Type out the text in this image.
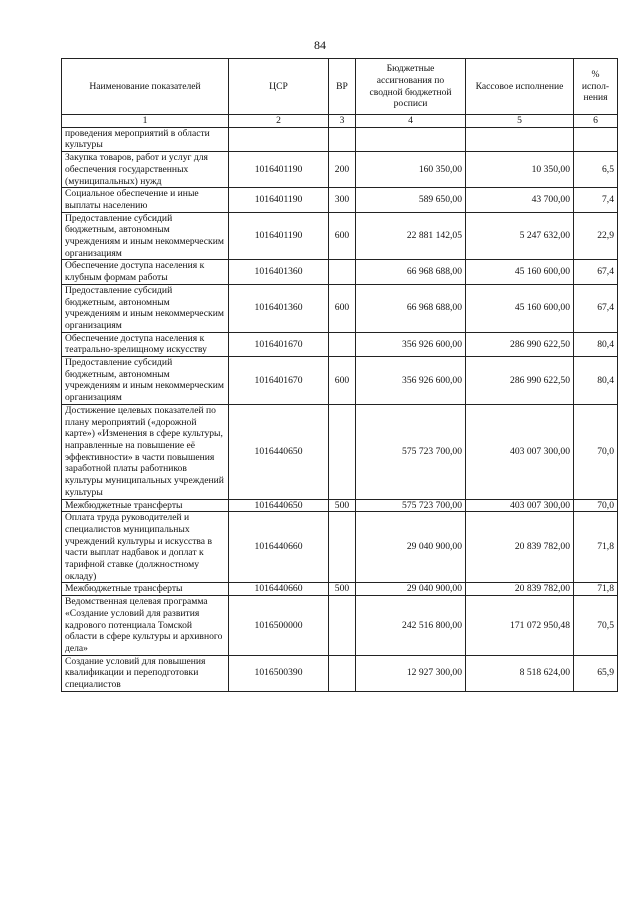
84
Наименование показателей	ЦСР	ВР	Бюджетные ассигнования по сводной бюджетной росписи	Кассовое исполнение	% испол-нения
1	2	3	4	5	6
проведения мероприятий в области культуры					
Закупка товаров, работ и услуг для обеспечения государственных (муниципальных) нужд	1016401190	200	160 350,00	10 350,00	6,5
Социальное обеспечение и иные выплаты населению	1016401190	300	589 650,00	43 700,00	7,4
Предоставление субсидий бюджетным, автономным учреждениям и иным некоммерческим организациям	1016401190	600	22 881 142,05	5 247 632,00	22,9
Обеспечение доступа населения к клубным формам работы	1016401360		66 968 688,00	45 160 600,00	67,4
Предоставление субсидий бюджетным, автономным учреждениям и иным некоммерческим организациям	1016401360	600	66 968 688,00	45 160 600,00	67,4
Обеспечение доступа населения к театрально-зрелищному искусству	1016401670		356 926 600,00	286 990 622,50	80,4
Предоставление субсидий бюджетным, автономным учреждениям и иным некоммерческим организациям	1016401670	600	356 926 600,00	286 990 622,50	80,4
Достижение целевых показателей по плану мероприятий («дорожной карте») «Изменения в сфере культуры, направленные на повышение её эффективности» в части повышения заработной платы работников культуры муниципальных учреждений культуры	1016440650		575 723 700,00	403 007 300,00	70,0
Межбюджетные трансферты	1016440650	500	575 723 700,00	403 007 300,00	70,0
Оплата труда руководителей и специалистов муниципальных учреждений культуры и искусства в части выплат надбавок и доплат к тарифной ставке (должностному окладу)	1016440660		29 040 900,00	20 839 782,00	71,8
Межбюджетные трансферты	1016440660	500	29 040 900,00	20 839 782,00	71,8
Ведомственная целевая программа «Создание условий для развития кадрового потенциала Томской области в сфере культуры и архивного дела»	1016500000		242 516 800,00	171 072 950,48	70,5
Создание условий для повышения квалификации и переподготовки специалистов	1016500390		12 927 300,00	8 518 624,00	65,9
